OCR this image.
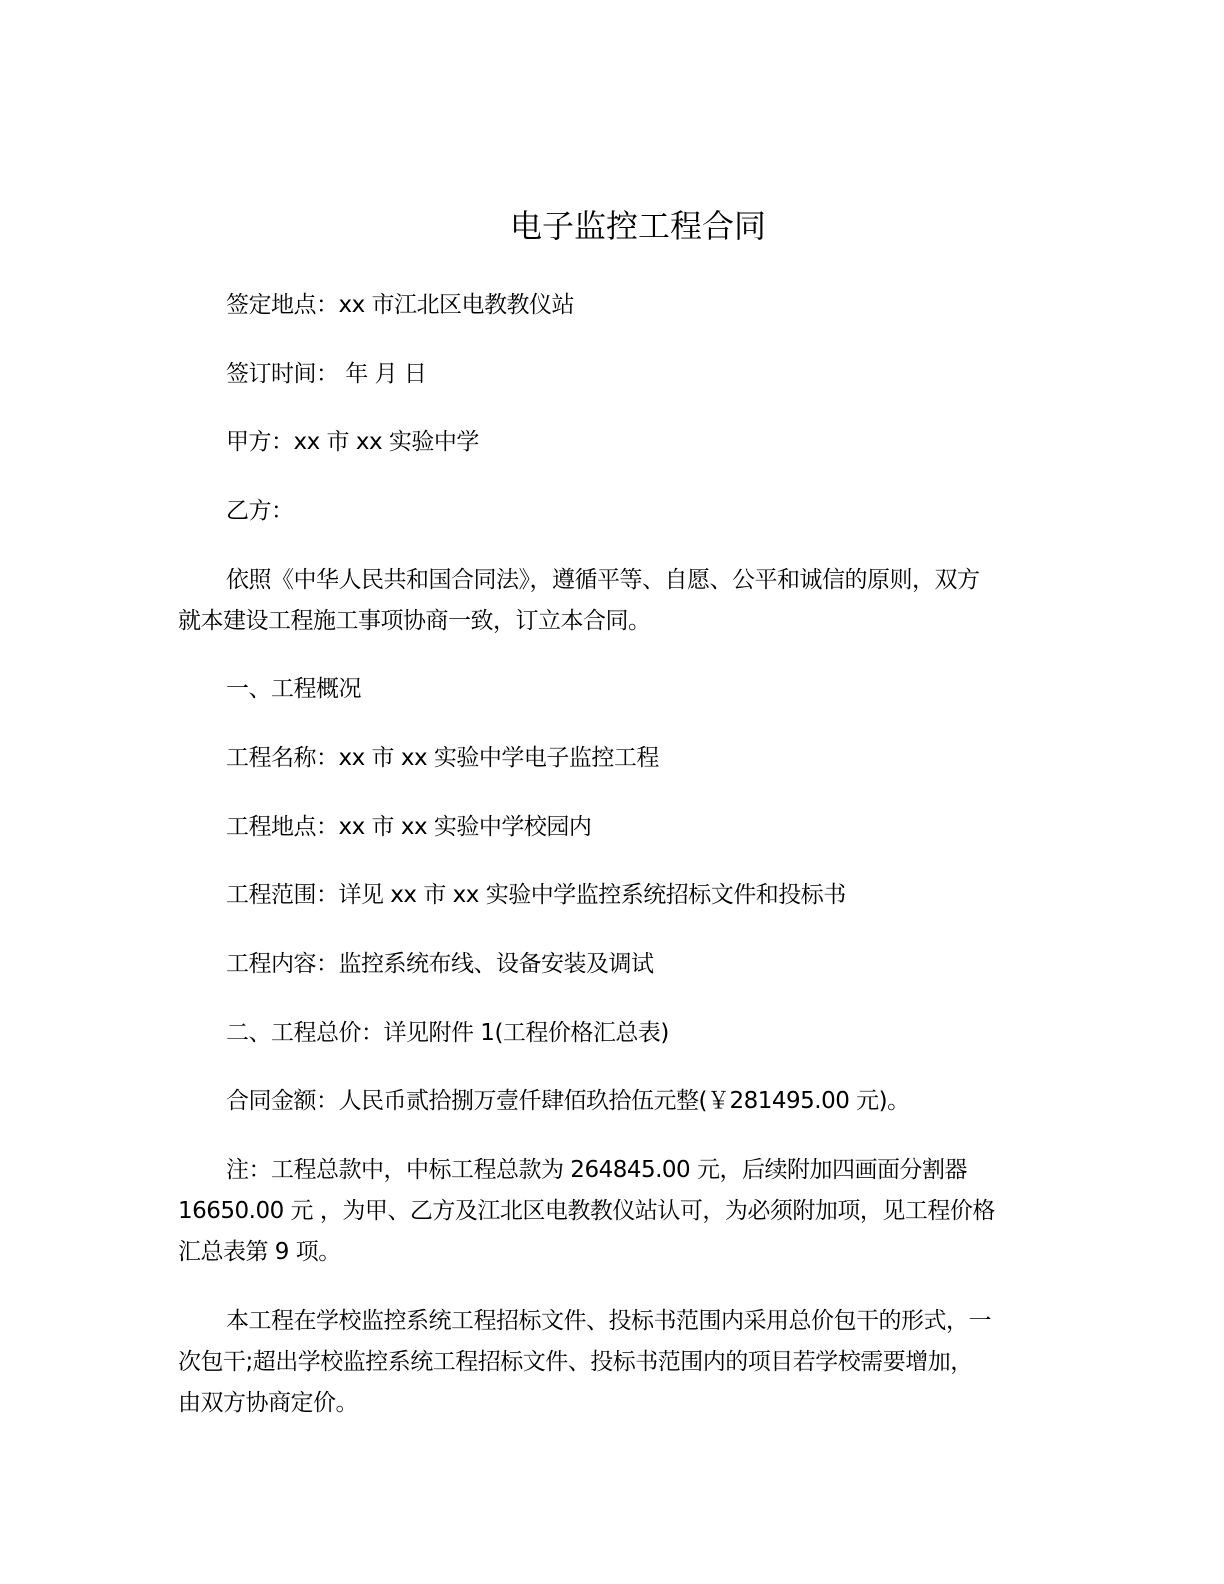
电子监控工程合同
签定地点：xx 市江北区电教教仪站
签订时间： 年 月 日
甲方：xx 市 xx 实验中学
乙方：
依照《中华人民共和国合同法》，遵循平等、自愿、公平和诚信的原则，双方
就本建设工程施工事项协商一致，订立本合同。
一、工程概况
工程名称：xx 市 xx 实验中学电子监控工程
工程地点：xx 市 xx 实验中学校园内
工程范围：详见 xx 市 xx 实验中学监控系统招标文件和投标书
工程内容：监控系统布线、设备安装及调试
二、工程总价：详见附件 1(工程价格汇总表)
合同金额：人民币贰拾捌万壹仟肆佰玖拾伍元整(￥281495.00 元)。
注：工程总款中，中标工程总款为 264845.00 元，后续附加四画面分割器
16650.00 元 ，为甲、乙方及江北区电教教仪站认可，为必须附加项，见工程价格
汇总表第 9 项。
本工程在学校监控系统工程招标文件、投标书范围内采用总价包干的形式，一
次包干;超出学校监控系统工程招标文件、投标书范围内的项目若学校需要增加，
由双方协商定价。
